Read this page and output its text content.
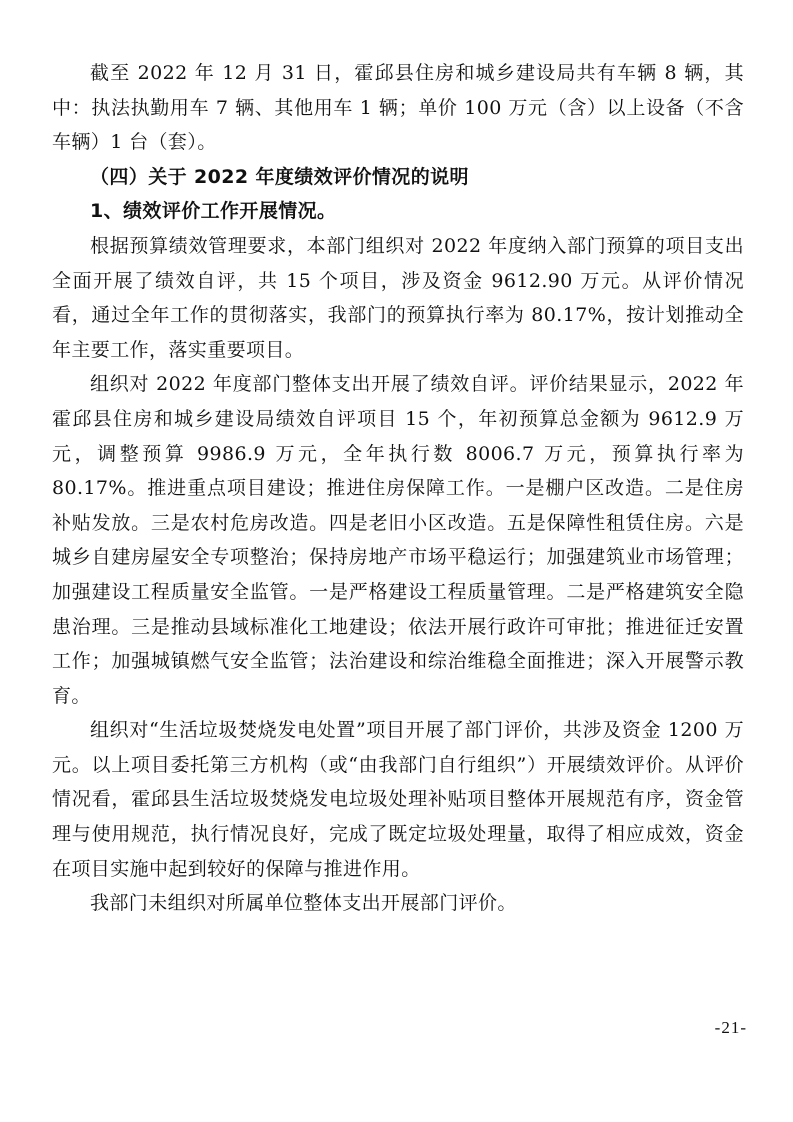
截至 2022 年 12 月 31 日，霍邱县住房和城乡建设局共有车辆 8 辆，其中：执法执勤用车 7 辆、其他用车 1 辆；单价 100 万元（含）以上设备（不含车辆）1 台（套）。

（四）关于 2022 年度绩效评价情况的说明

1、绩效评价工作开展情况。

根据预算绩效管理要求，本部门组织对 2022 年度纳入部门预算的项目支出全面开展了绩效自评，共 15 个项目，涉及资金 9612.90 万元。从评价情况看，通过全年工作的贯彻落实，我部门的预算执行率为 80.17%，按计划推动全年主要工作，落实重要项目。

组织对 2022 年度部门整体支出开展了绩效自评。评价结果显示，2022 年霍邱县住房和城乡建设局绩效自评项目 15 个，年初预算总金额为 9612.9 万元，调整预算 9986.9 万元，全年执行数 8006.7 万元，预算执行率为 80.17%。推进重点项目建设；推进住房保障工作。一是棚户区改造。二是住房补贴发放。三是农村危房改造。四是老旧小区改造。五是保障性租赁住房。六是城乡自建房屋安全专项整治；保持房地产市场平稳运行；加强建筑业市场管理；加强建设工程质量安全监管。一是严格建设工程质量管理。二是严格建筑安全隐患治理。三是推动县域标准化工地建设；依法开展行政许可审批；推进征迁安置工作；加强城镇燃气安全监管；法治建设和综治维稳全面推进；深入开展警示教育。

组织对“生活垃圾焚烧发电处置”项目开展了部门评价，共涉及资金 1200 万元。以上项目委托第三方机构（或“由我部门自行组织”）开展绩效评价。从评价情况看，霍邱县生活垃圾焚烧发电垃圾处理补贴项目整体开展规范有序，资金管理与使用规范，执行情况良好，完成了既定垃圾处理量，取得了相应成效，资金在项目实施中起到较好的保障与推进作用。

我部门未组织对所属单位整体支出开展部门评价。

-21-
